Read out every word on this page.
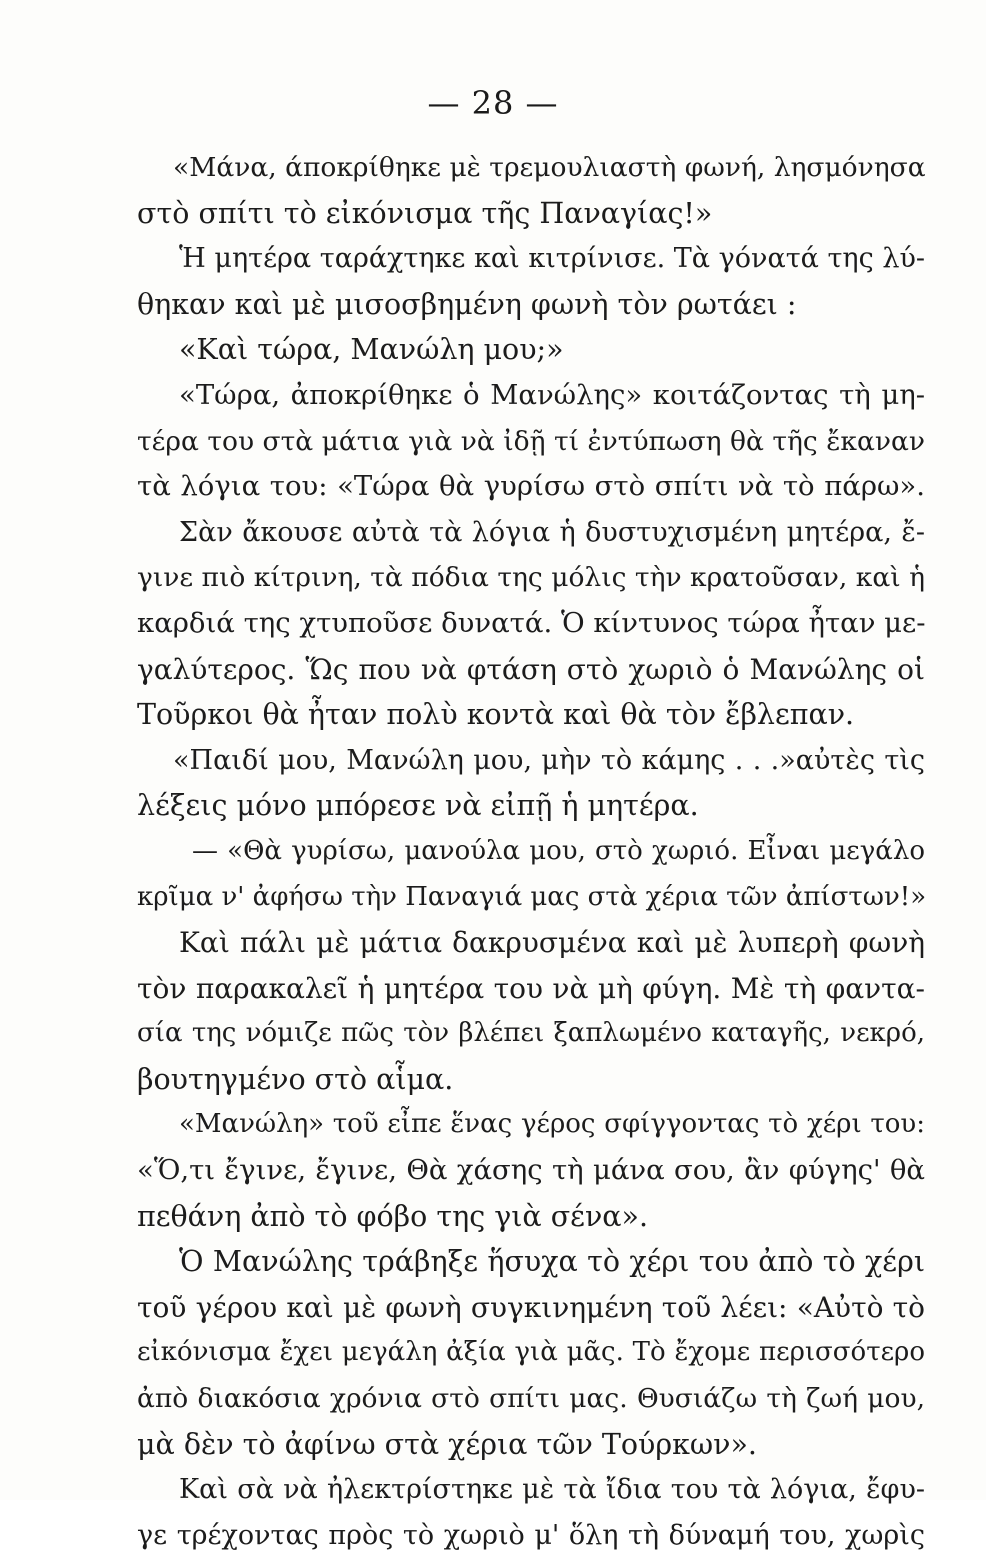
— 28 —
«Μάνα, άποκρίθηκε μὲ τρεμουλιαστὴ φωνή, λησμόνησα
στὸ σπίτι τὸ εἰκόνισμα τῆς Παναγίας!»
Ἡ μητέρα ταράχτηκε καὶ κιτρίνισε. Τὰ γόνατά της λύ-
θηκαν καὶ μὲ μισοσβημένη φωνὴ τὸν ρωτάει :
«Καὶ τώρα, Μανώλη μου;»
«Τώρα, ἀποκρίθηκε ὁ Μανώλης» κοιτάζοντας τὴ μη-
τέρα του στὰ μάτια γιὰ νὰ ἰδῇ τί ἐντύπωση θὰ τῆς ἔκαναν
τὰ λόγια του: «Τώρα θὰ γυρίσω στὸ σπίτι νὰ τὸ πάρω».
Σὰν ἄκουσε αὐτὰ τὰ λόγια ἡ δυστυχισμένη μητέρα, ἔ-
γινε πιὸ κίτρινη, τὰ πόδια της μόλις τὴν κρατοῦσαν, καὶ ἡ
καρδιά της χτυποῦσε δυνατά. Ὁ κίντυνος τώρα ἦταν με-
γαλύτερος. Ὥς που νὰ φτάση στὸ χωριὸ ὁ Μανώλης οἱ
Τοῦρκοι θὰ ἦταν πολὺ κοντὰ καὶ θὰ τὸν ἔβλεπαν.
«Παιδί μου, Μανώλη μου, μὴν τὸ κάμης . . .»αὐτὲς τὶς
λέξεις μόνο μπόρεσε νὰ εἰπῇ ἡ μητέρα.
— «Θὰ γυρίσω, μανούλα μου, στὸ χωριό. Εἶναι μεγάλο
κρῖμα ν' ἀφήσω τὴν Παναγιά μας στὰ χέρια τῶν ἀπίστων!»
Καὶ πάλι μὲ μάτια δακρυσμένα καὶ μὲ λυπερὴ φωνὴ
τὸν παρακαλεῖ ἡ μητέρα του νὰ μὴ φύγη. Μὲ τὴ φαντα-
σία της νόμιζε πῶς τὸν βλέπει ξαπλωμένο καταγῆς, νεκρό,
βουτηγμένο στὸ αἷμα.
«Μανώλη» τοῦ εἶπε ἕνας γέρος σφίγγοντας τὸ χέρι του:
«Ὅ,τι ἔγινε, ἔγινε, Θὰ χάσης τὴ μάνα σου, ἂν φύγης' θὰ
πεθάνη ἀπὸ τὸ φόβο της γιὰ σένα».
Ὁ Μανώλης τράβηξε ἥσυχα τὸ χέρι του ἀπὸ τὸ χέρι
τοῦ γέρου καὶ μὲ φωνὴ συγκινημένη τοῦ λέει: «Αὐτὸ τὸ
εἰκόνισμα ἔχει μεγάλη ἀξία γιὰ μᾶς. Τὸ ἔχομε περισσότερο
ἀπὸ διακόσια χρόνια στὸ σπίτι μας. Θυσιάζω τὴ ζωή μου,
μὰ δὲν τὸ ἀφίνω στὰ χέρια τῶν Τούρκων».
Καὶ σὰ νὰ ἠλεκτρίστηκε μὲ τὰ ἴδια του τὰ λόγια, ἔφυ-
γε τρέχοντας πρὸς τὸ χωριὸ μ' ὅλη τὴ δύναμή του, χωρὶς
